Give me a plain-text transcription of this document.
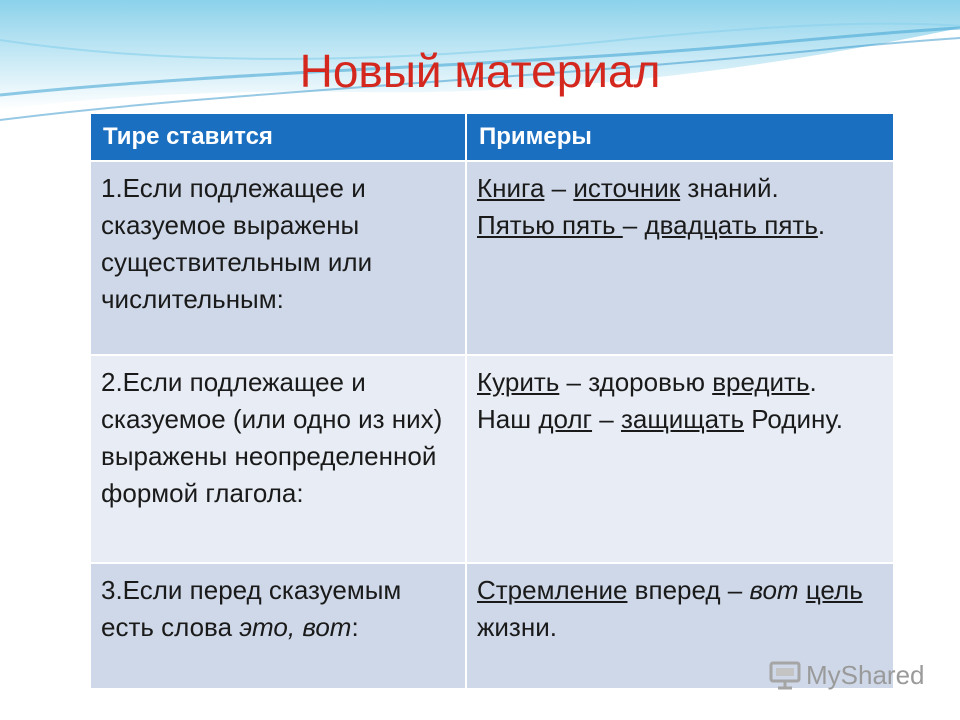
Новый материал
Тире ставится	Примеры
1.Если подлежащее и сказуемое выражены существительным или числительным:	Книга – источник знаний.
Пятью пять – двадцать пять.
2.Если подлежащее и сказуемое (или одно из них) выражены неопределенной формой глагола:	Курить – здоровью вредить.
Наш долг – защищать Родину.
3.Если перед сказуемым есть слова это, вот:	Стремление вперед – вот цель жизни.
MyShared
